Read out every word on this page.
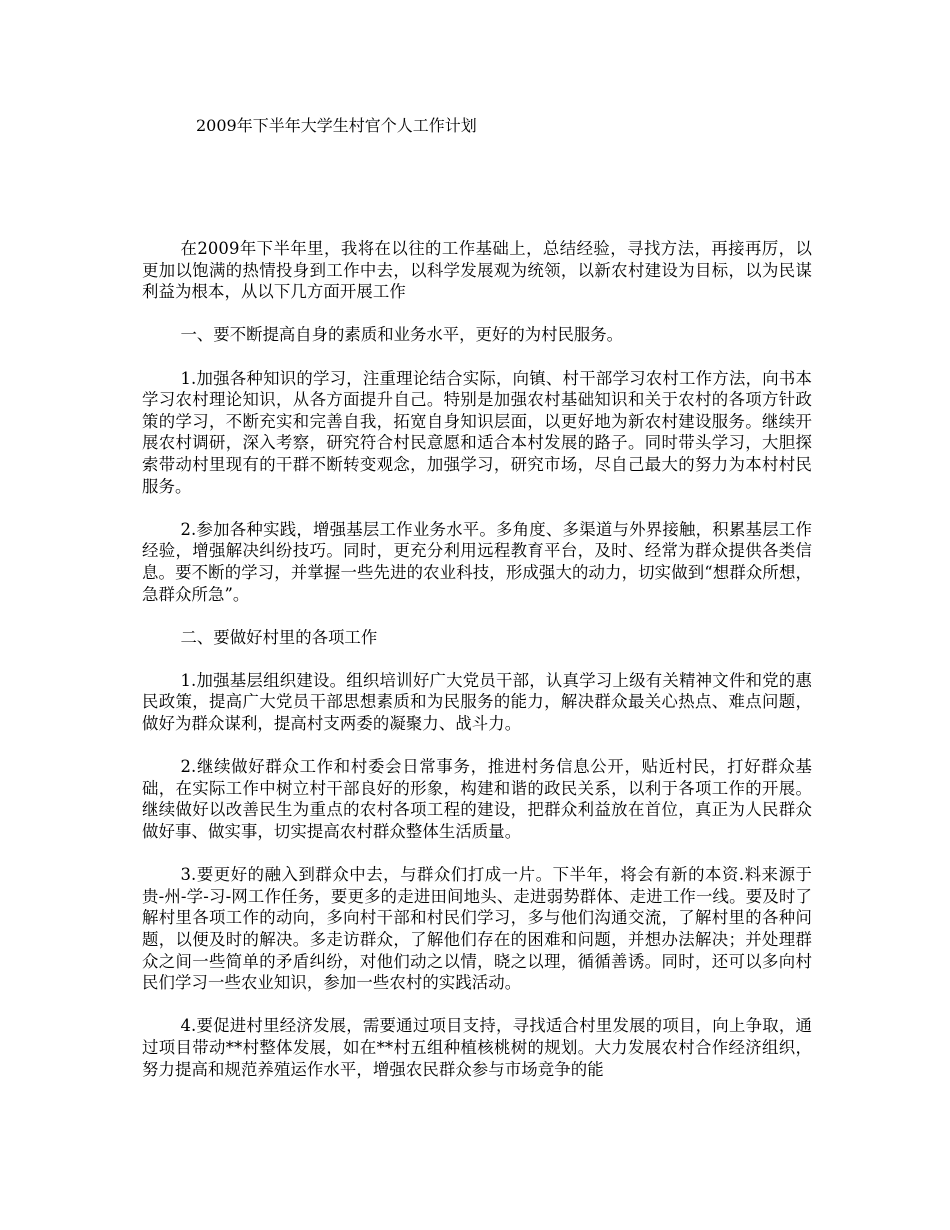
2009年下半年大学生村官个人工作计划

在2009年下半年里，我将在以往的工作基础上，总结经验，寻找方法，再接再厉，以更加以饱满的热情投身到工作中去，以科学发展观为统领，以新农村建设为目标，以为民谋利益为根本，从以下几方面开展工作

一、要不断提高自身的素质和业务水平，更好的为村民服务。

1.加强各种知识的学习，注重理论结合实际，向镇、村干部学习农村工作方法，向书本学习农村理论知识，从各方面提升自己。特别是加强农村基础知识和关于农村的各项方针政策的学习，不断充实和完善自我，拓宽自身知识层面，以更好地为新农村建设服务。继续开展农村调研，深入考察，研究符合村民意愿和适合本村发展的路子。同时带头学习，大胆探索带动村里现有的干群不断转变观念，加强学习，研究市场，尽自己最大的努力为本村村民服务。

2.参加各种实践，增强基层工作业务水平。多角度、多渠道与外界接触，积累基层工作经验，增强解决纠纷技巧。同时，更充分利用远程教育平台，及时、经常为群众提供各类信息。要不断的学习，并掌握一些先进的农业科技，形成强大的动力，切实做到“想群众所想，急群众所急”。

二、要做好村里的各项工作

1.加强基层组织建设。组织培训好广大党员干部，认真学习上级有关精神文件和党的惠民政策，提高广大党员干部思想素质和为民服务的能力，解决群众最关心热点、难点问题，做好为群众谋利，提高村支两委的凝聚力、战斗力。

2.继续做好群众工作和村委会日常事务，推进村务信息公开，贴近村民，打好群众基础，在实际工作中树立村干部良好的形象，构建和谐的政民关系，以利于各项工作的开展。继续做好以改善民生为重点的农村各项工程的建设，把群众利益放在首位，真正为人民群众做好事、做实事，切实提高农村群众整体生活质量。

3.要更好的融入到群众中去，与群众们打成一片。下半年，将会有新的本资.料来源于贵-州-学-习-网工作任务，要更多的走进田间地头、走进弱势群体、走进工作一线。要及时了解村里各项工作的动向，多向村干部和村民们学习，多与他们沟通交流，了解村里的各种问题，以便及时的解决。多走访群众，了解他们存在的困难和问题，并想办法解决；并处理群众之间一些简单的矛盾纠纷，对他们动之以情，晓之以理，循循善诱。同时，还可以多向村民们学习一些农业知识，参加一些农村的实践活动。

4.要促进村里经济发展，需要通过项目支持，寻找适合村里发展的项目，向上争取，通过项目带动**村整体发展，如在**村五组种植核桃树的规划。大力发展农村合作经济组织，努力提高和规范养殖运作水平，增强农民群众参与市场竞争的能
